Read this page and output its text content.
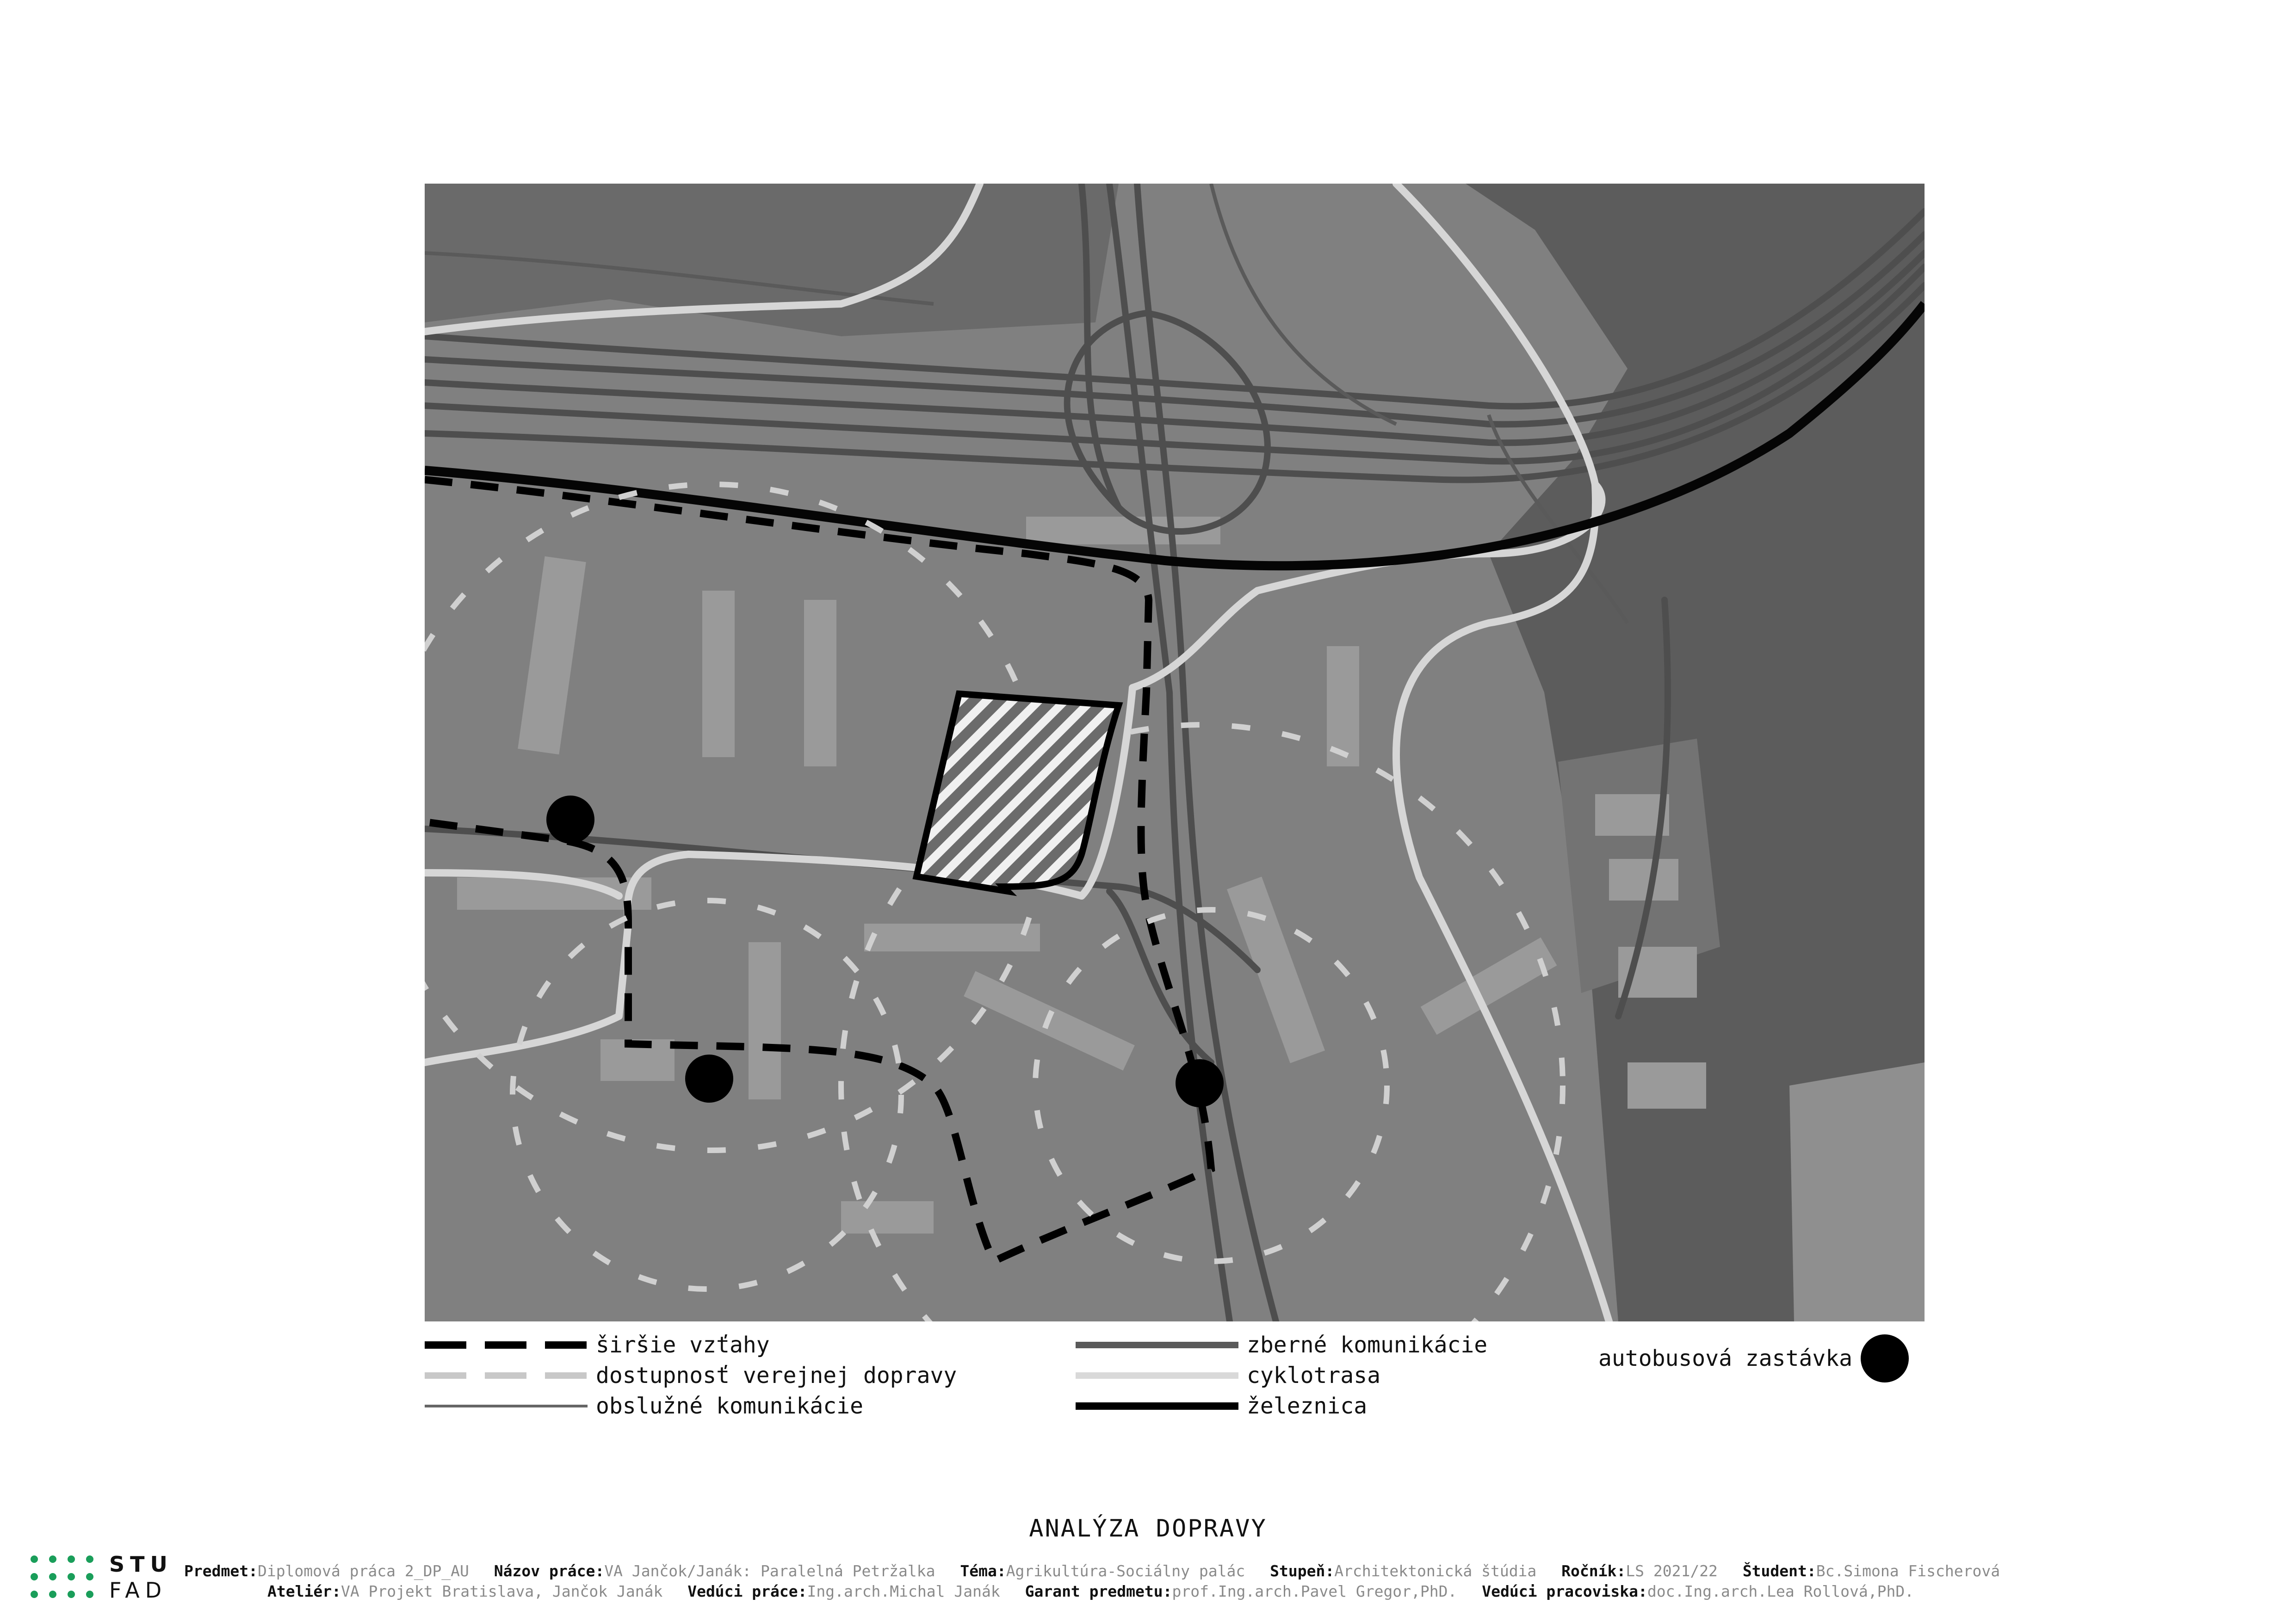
širšie vzťahy
dostupnosť verejnej dopravy
obslužné komunikácie
zberné komunikácie
cyklotrasa
železnica
autobusová zastávka
ANALÝZA DOPRAVY
STU
FAD
Predmet:Diplomová práca 2_DP_AU Názov práce:VA Jančok/Janák: Paralelná Petržalka Téma:Agrikultúra-Sociálny palác Stupeň:Architektonická štúdia Ročník:LS 2021/22 Študent:Bc.Simona Fischerová
Ateliér:VA Projekt Bratislava, Jančok Janák Vedúci práce:Ing.arch.Michal Janák Garant predmetu:prof.Ing.arch.Pavel Gregor,PhD. Vedúci pracoviska:doc.Ing.arch.Lea Rollová,PhD.
